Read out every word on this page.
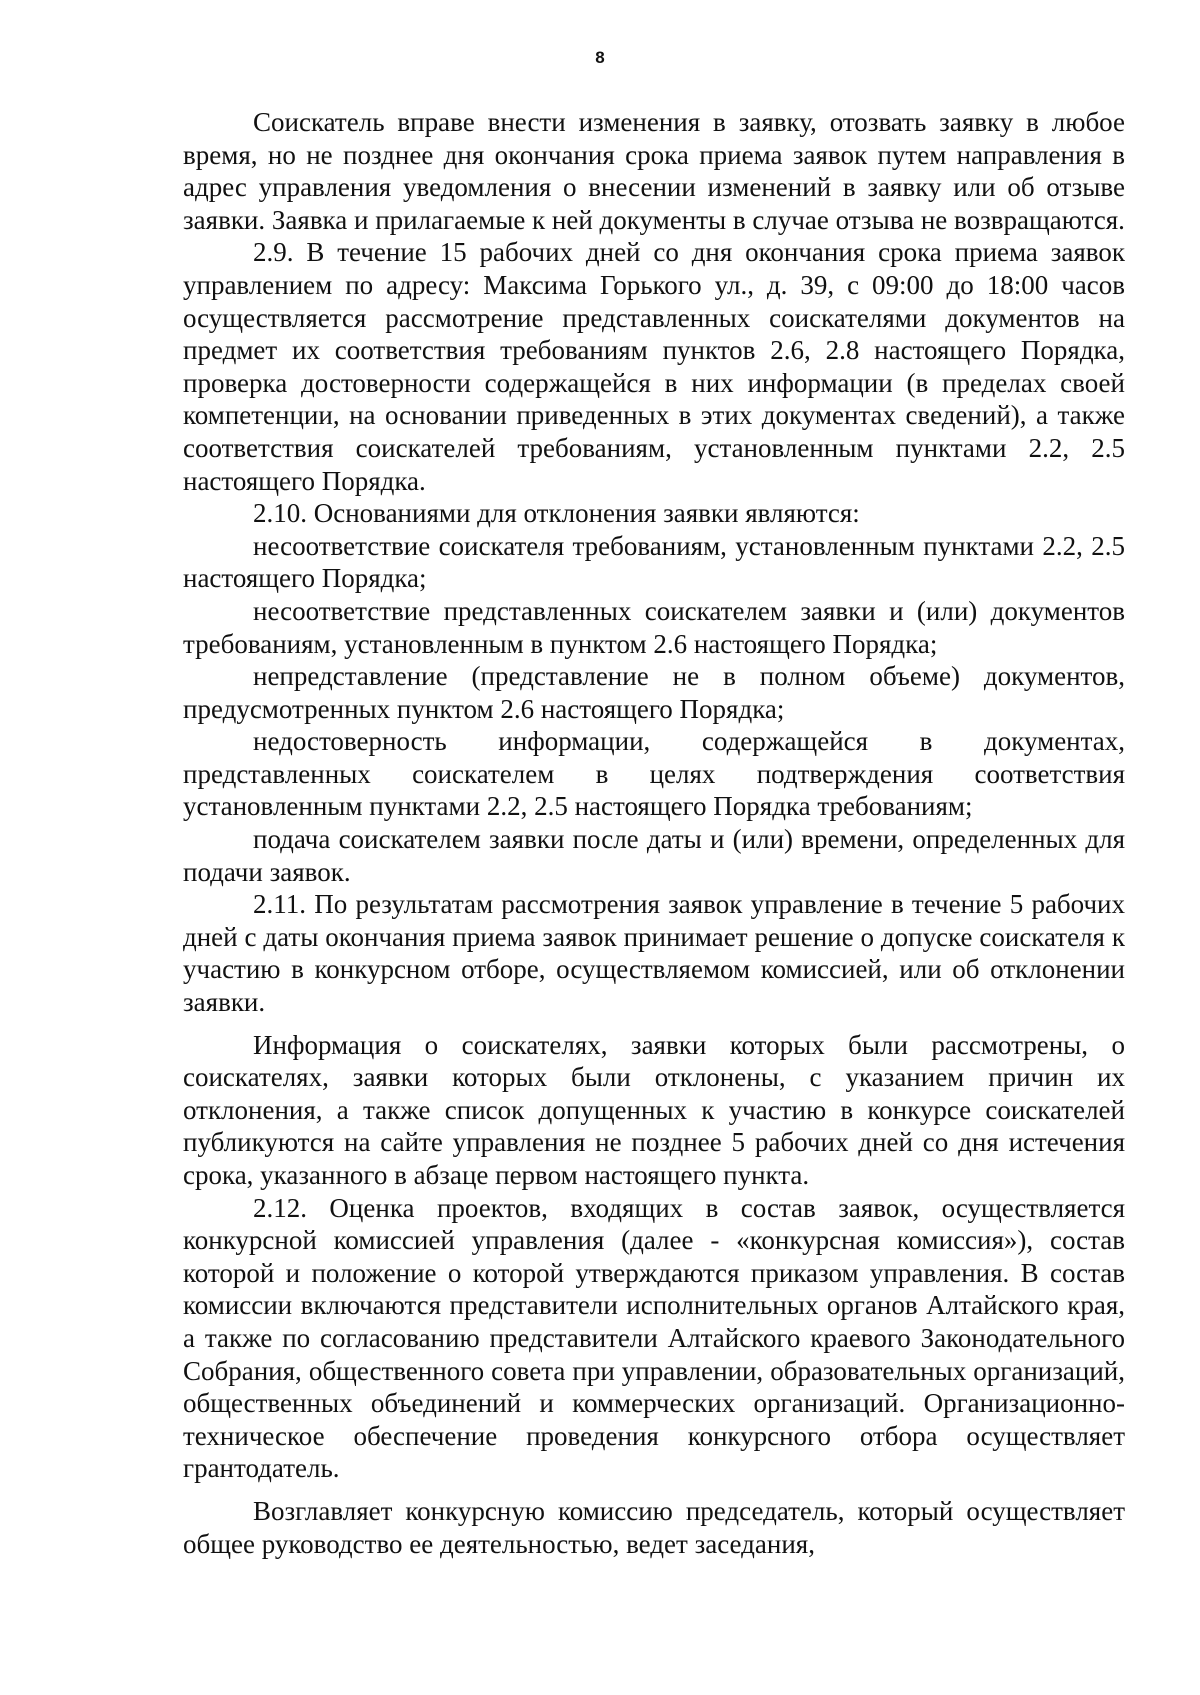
8

Соискатель вправе внести изменения в заявку, отозвать заявку в любое время, но не позднее дня окончания срока приема заявок путем направления в адрес управления уведомления о внесении изменений в заявку или об отзыве заявки. Заявка и прилагаемые к ней документы в случае отзыва не возвращаются.

2.9. В течение 15 рабочих дней со дня окончания срока приема заявок управлением по адресу: Максима Горького ул., д. 39, с 09:00 до 18:00 часов осуществляется рассмотрение представленных соискателями документов на предмет их соответствия требованиям пунктов 2.6, 2.8 настоящего Порядка, проверка достоверности содержащейся в них информации (в пределах своей компетенции, на основании приведенных в этих документах сведений), а также соответствия соискателей требованиям, установленным пунктами 2.2, 2.5 настоящего Порядка.

2.10. Основаниями для отклонения заявки являются:

несоответствие соискателя требованиям, установленным пунктами 2.2, 2.5 настоящего Порядка;

несоответствие представленных соискателем заявки и (или) документов требованиям, установленным в пунктом 2.6 настоящего Порядка;

непредставление (представление не в полном объеме) документов, предусмотренных пунктом 2.6 настоящего Порядка;

недостоверность информации, содержащейся в документах, представленных соискателем в целях подтверждения соответствия установленным пунктами 2.2, 2.5 настоящего Порядка требованиям;

подача соискателем заявки после даты и (или) времени, определенных для подачи заявок.

2.11. По результатам рассмотрения заявок управление в течение 5 рабочих дней с даты окончания приема заявок принимает решение о допуске соискателя к участию в конкурсном отборе, осуществляемом комиссией, или об отклонении заявки.

Информация о соискателях, заявки которых были рассмотрены, о соискателях, заявки которых были отклонены, с указанием причин их отклонения, а также список допущенных к участию в конкурсе соискателей публикуются на сайте управления не позднее 5 рабочих дней со дня истечения срока, указанного в абзаце первом настоящего пункта.

2.12. Оценка проектов, входящих в состав заявок, осуществляется конкурсной комиссией управления (далее - «конкурсная комиссия»), состав которой и положение о которой утверждаются приказом управления. В состав комиссии включаются представители исполнительных органов Алтайского края, а также по согласованию представители Алтайского краевого Законодательного Собрания, общественного совета при управлении, образовательных организаций, общественных объединений и коммерческих организаций. Организационно-техническое обеспечение проведения конкурсного отбора осуществляет грантодатель.

Возглавляет конкурсную комиссию председатель, который осуществляет общее руководство ее деятельностью, ведет заседания,
